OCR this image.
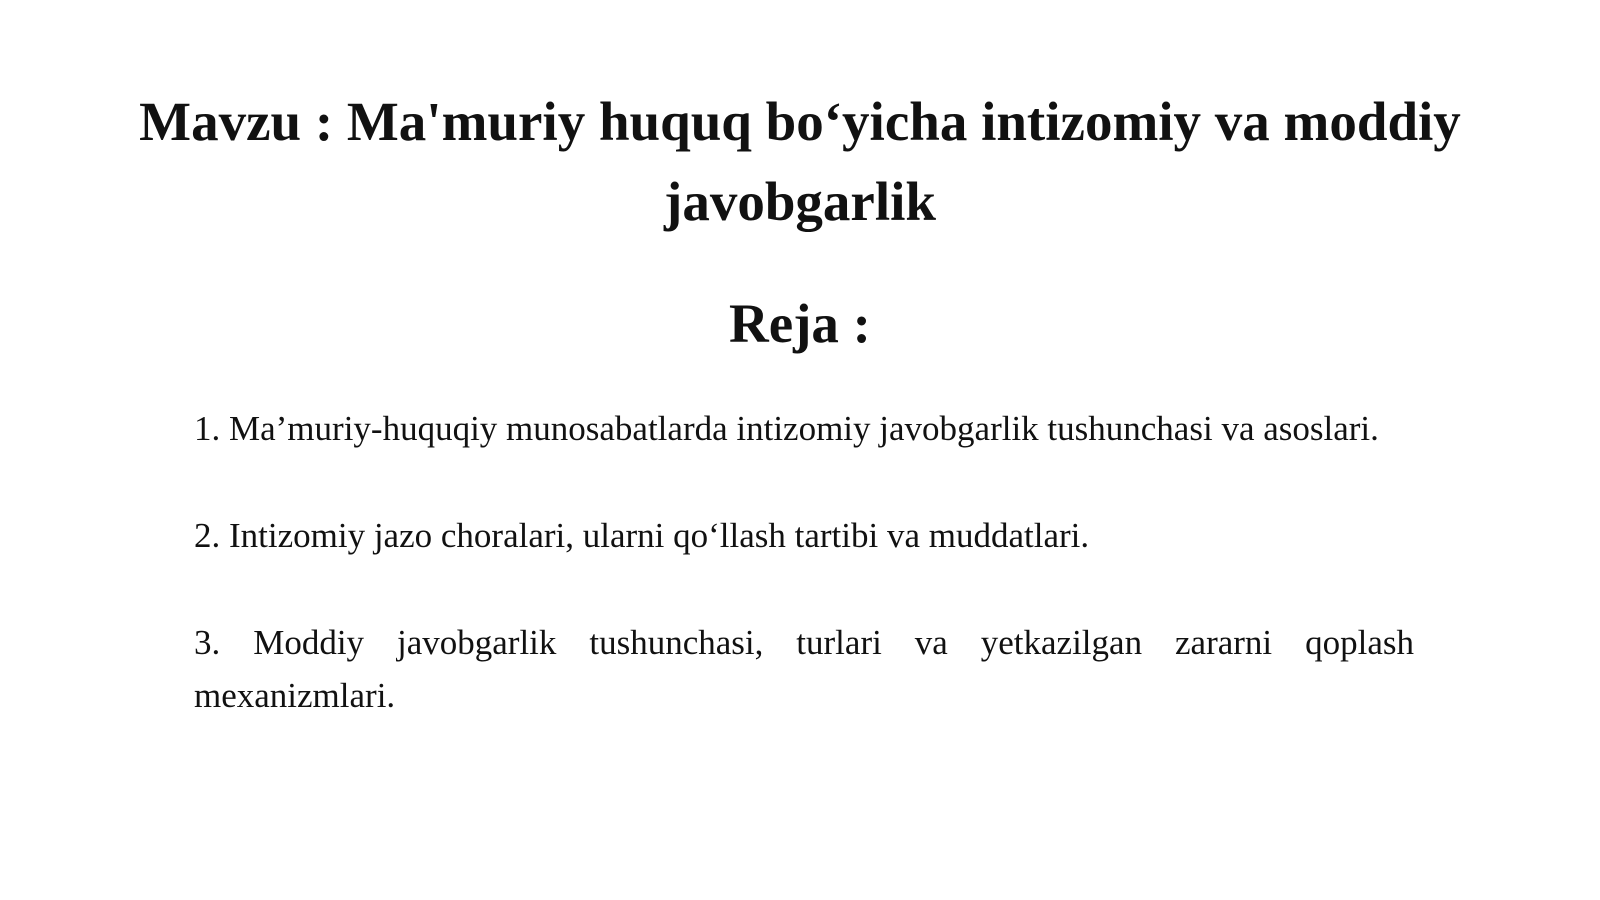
Mavzu : Ma'muriy huquq bo‘yicha intizomiy va moddiy javobgarlik
Reja :
1. Ma’muriy-huquqiy munosabatlarda intizomiy javobgarlik tushunchasi va asoslari.
2. Intizomiy jazo choralari, ularni qo‘llash tartibi va muddatlari.
3. Moddiy javobgarlik tushunchasi, turlari va yetkazilgan zararni qoplash mexanizmlari.
